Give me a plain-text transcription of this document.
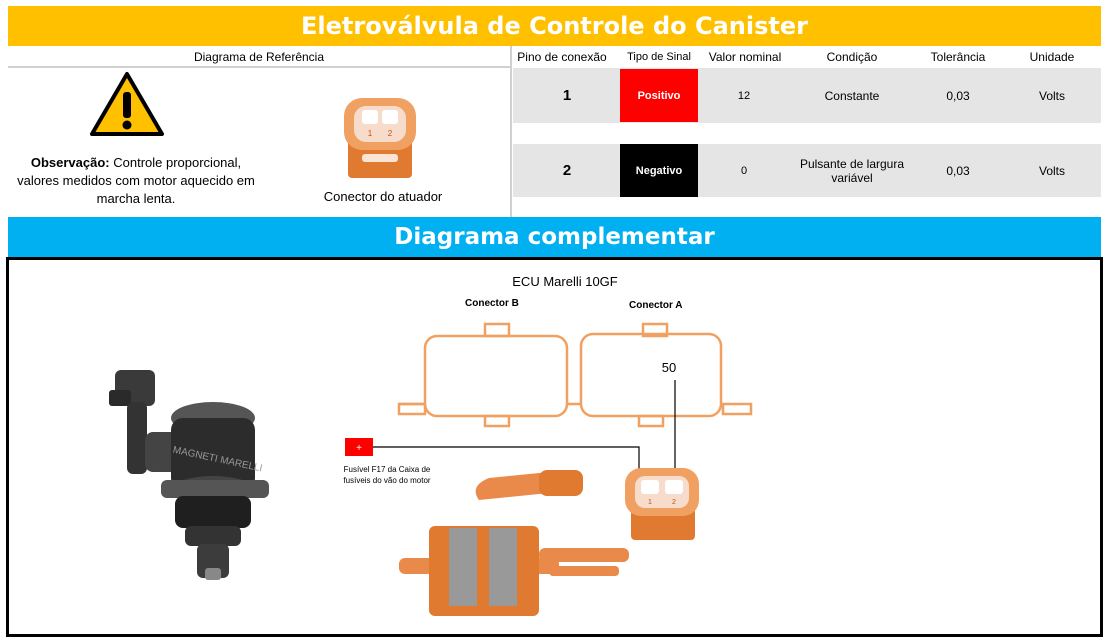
Eletroválvula de Controle do Canister
Diagrama de Referência
Observação: Controle proporcional, valores medidos com motor aquecido em marcha lenta.
1 2
Conector do atuador
Pino de conexão	Tipo de Sinal	Valor nominal	Condição	Tolerância	Unidade
1	Positivo	12	Constante	0,03	Volts
2	Negativo	0	Pulsante de largura variável	0,03	Volts
Diagrama complementar
MAGNETI MARELLI
ECU Marelli 10GF
Conector B	Conector A
50
+
1	2
Fusível F17 da Caixa de fusíveis do vão do motor
